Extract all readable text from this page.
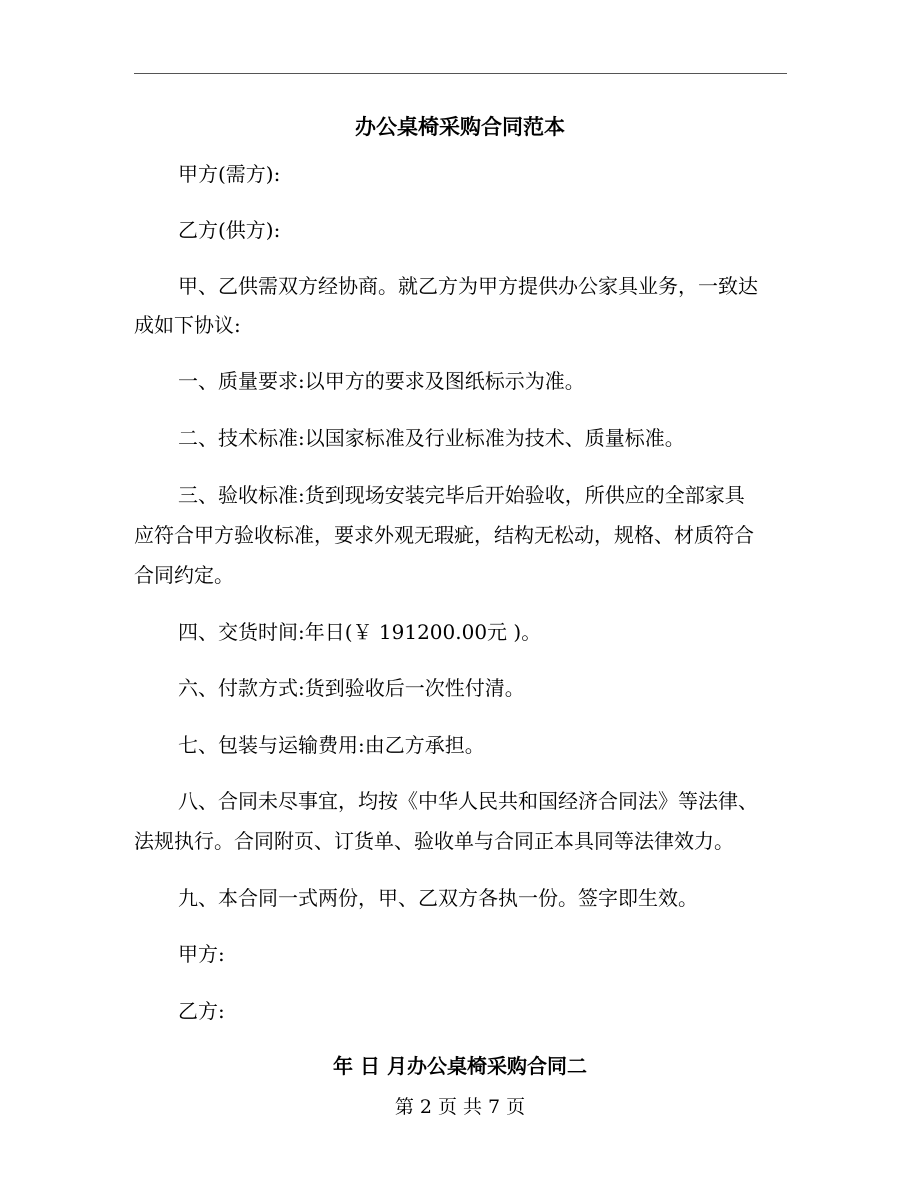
办公桌椅采购合同范本
甲方(需方):
乙方(供方):
甲、乙供需双方经协商。就乙方为甲方提供办公家具业务，一致达
成如下协议:
一、质量要求:以甲方的要求及图纸标示为准。
二、技术标准:以国家标准及行业标准为技术、质量标准。
三、验收标准:货到现场安装完毕后开始验收，所供应的全部家具
应符合甲方验收标准，要求外观无瑕疵，结构无松动，规格、材质符合
合同约定。
四、交货时间:年日(￥ 191200.00元 )。
六、付款方式:货到验收后一次性付清。
七、包装与运输费用:由乙方承担。
八、合同未尽事宜，均按《中华人民共和国经济合同法》等法律、
法规执行。合同附页、订货单、验收单与合同正本具同等法律效力。
九、本合同一式两份，甲、乙双方各执一份。签字即生效。
甲方:
乙方:
年 日 月办公桌椅采购合同二
第 2 页 共 7 页
